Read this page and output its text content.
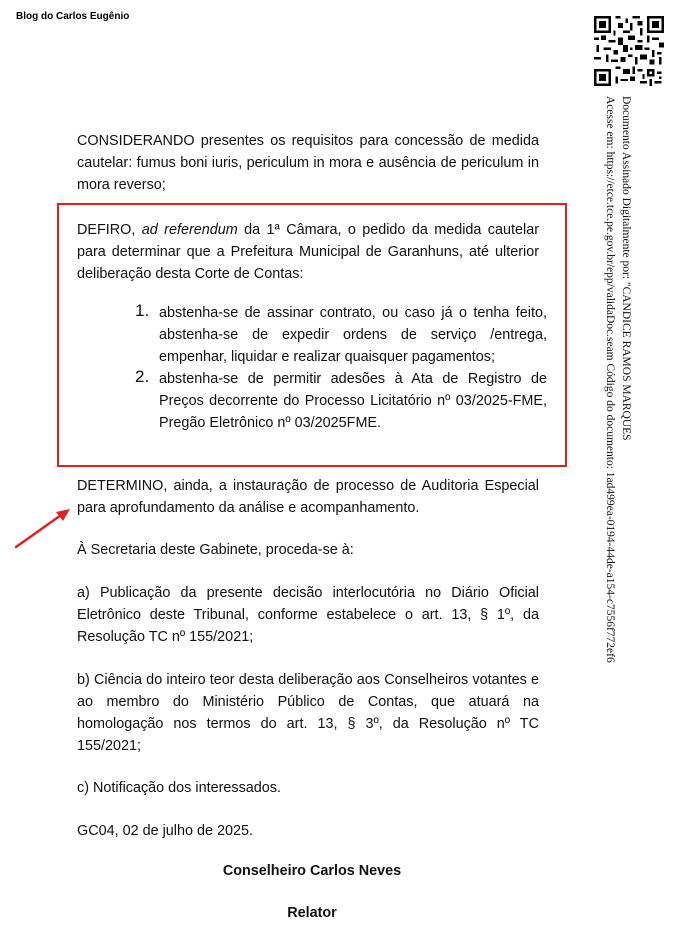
Blog do Carlos Eugênio
Documento Assinado Digitalmente por: "CANDICE RAMOS MARQUES
Acesse em: https://etce.tce.pe.gov.br/epp/validaDoc.seam Código do documento: 1ad499ea-0194-44de-a154-c7556f772ef6

CONSIDERANDO presentes os requisitos para concessão de medida cautelar: fumus boni iuris, periculum in mora e ausência de periculum in mora reverso;

DEFIRO, ad referendum da 1ª Câmara, o pedido da medida cautelar para determinar que a Prefeitura Municipal de Garanhuns, até ulterior deliberação desta Corte de Contas:

1. abstenha-se de assinar contrato, ou caso já o tenha feito, abstenha-se de expedir ordens de serviço /entrega, empenhar, liquidar e realizar quaisquer pagamentos;
2. abstenha-se de permitir adesões à Ata de Registro de Preços decorrente do Processo Licitatório nº 03/2025-FME, Pregão Eletrônico nº 03/2025FME.

DETERMINO, ainda, a instauração de processo de Auditoria Especial para aprofundamento da análise e acompanhamento.

À Secretaria deste Gabinete, proceda-se à:

a) Publicação da presente decisão interlocutória no Diário Oficial Eletrônico deste Tribunal, conforme estabelece o art. 13, § 1º, da Resolução TC nº 155/2021;

b) Ciência do inteiro teor desta deliberação aos Conselheiros votantes e ao membro do Ministério Público de Contas, que atuará na homologação nos termos do art. 13, § 3º, da Resolução nº TC 155/2021;

c) Notificação dos interessados.

GC04, 02 de julho de 2025.

Conselheiro Carlos Neves
Relator
